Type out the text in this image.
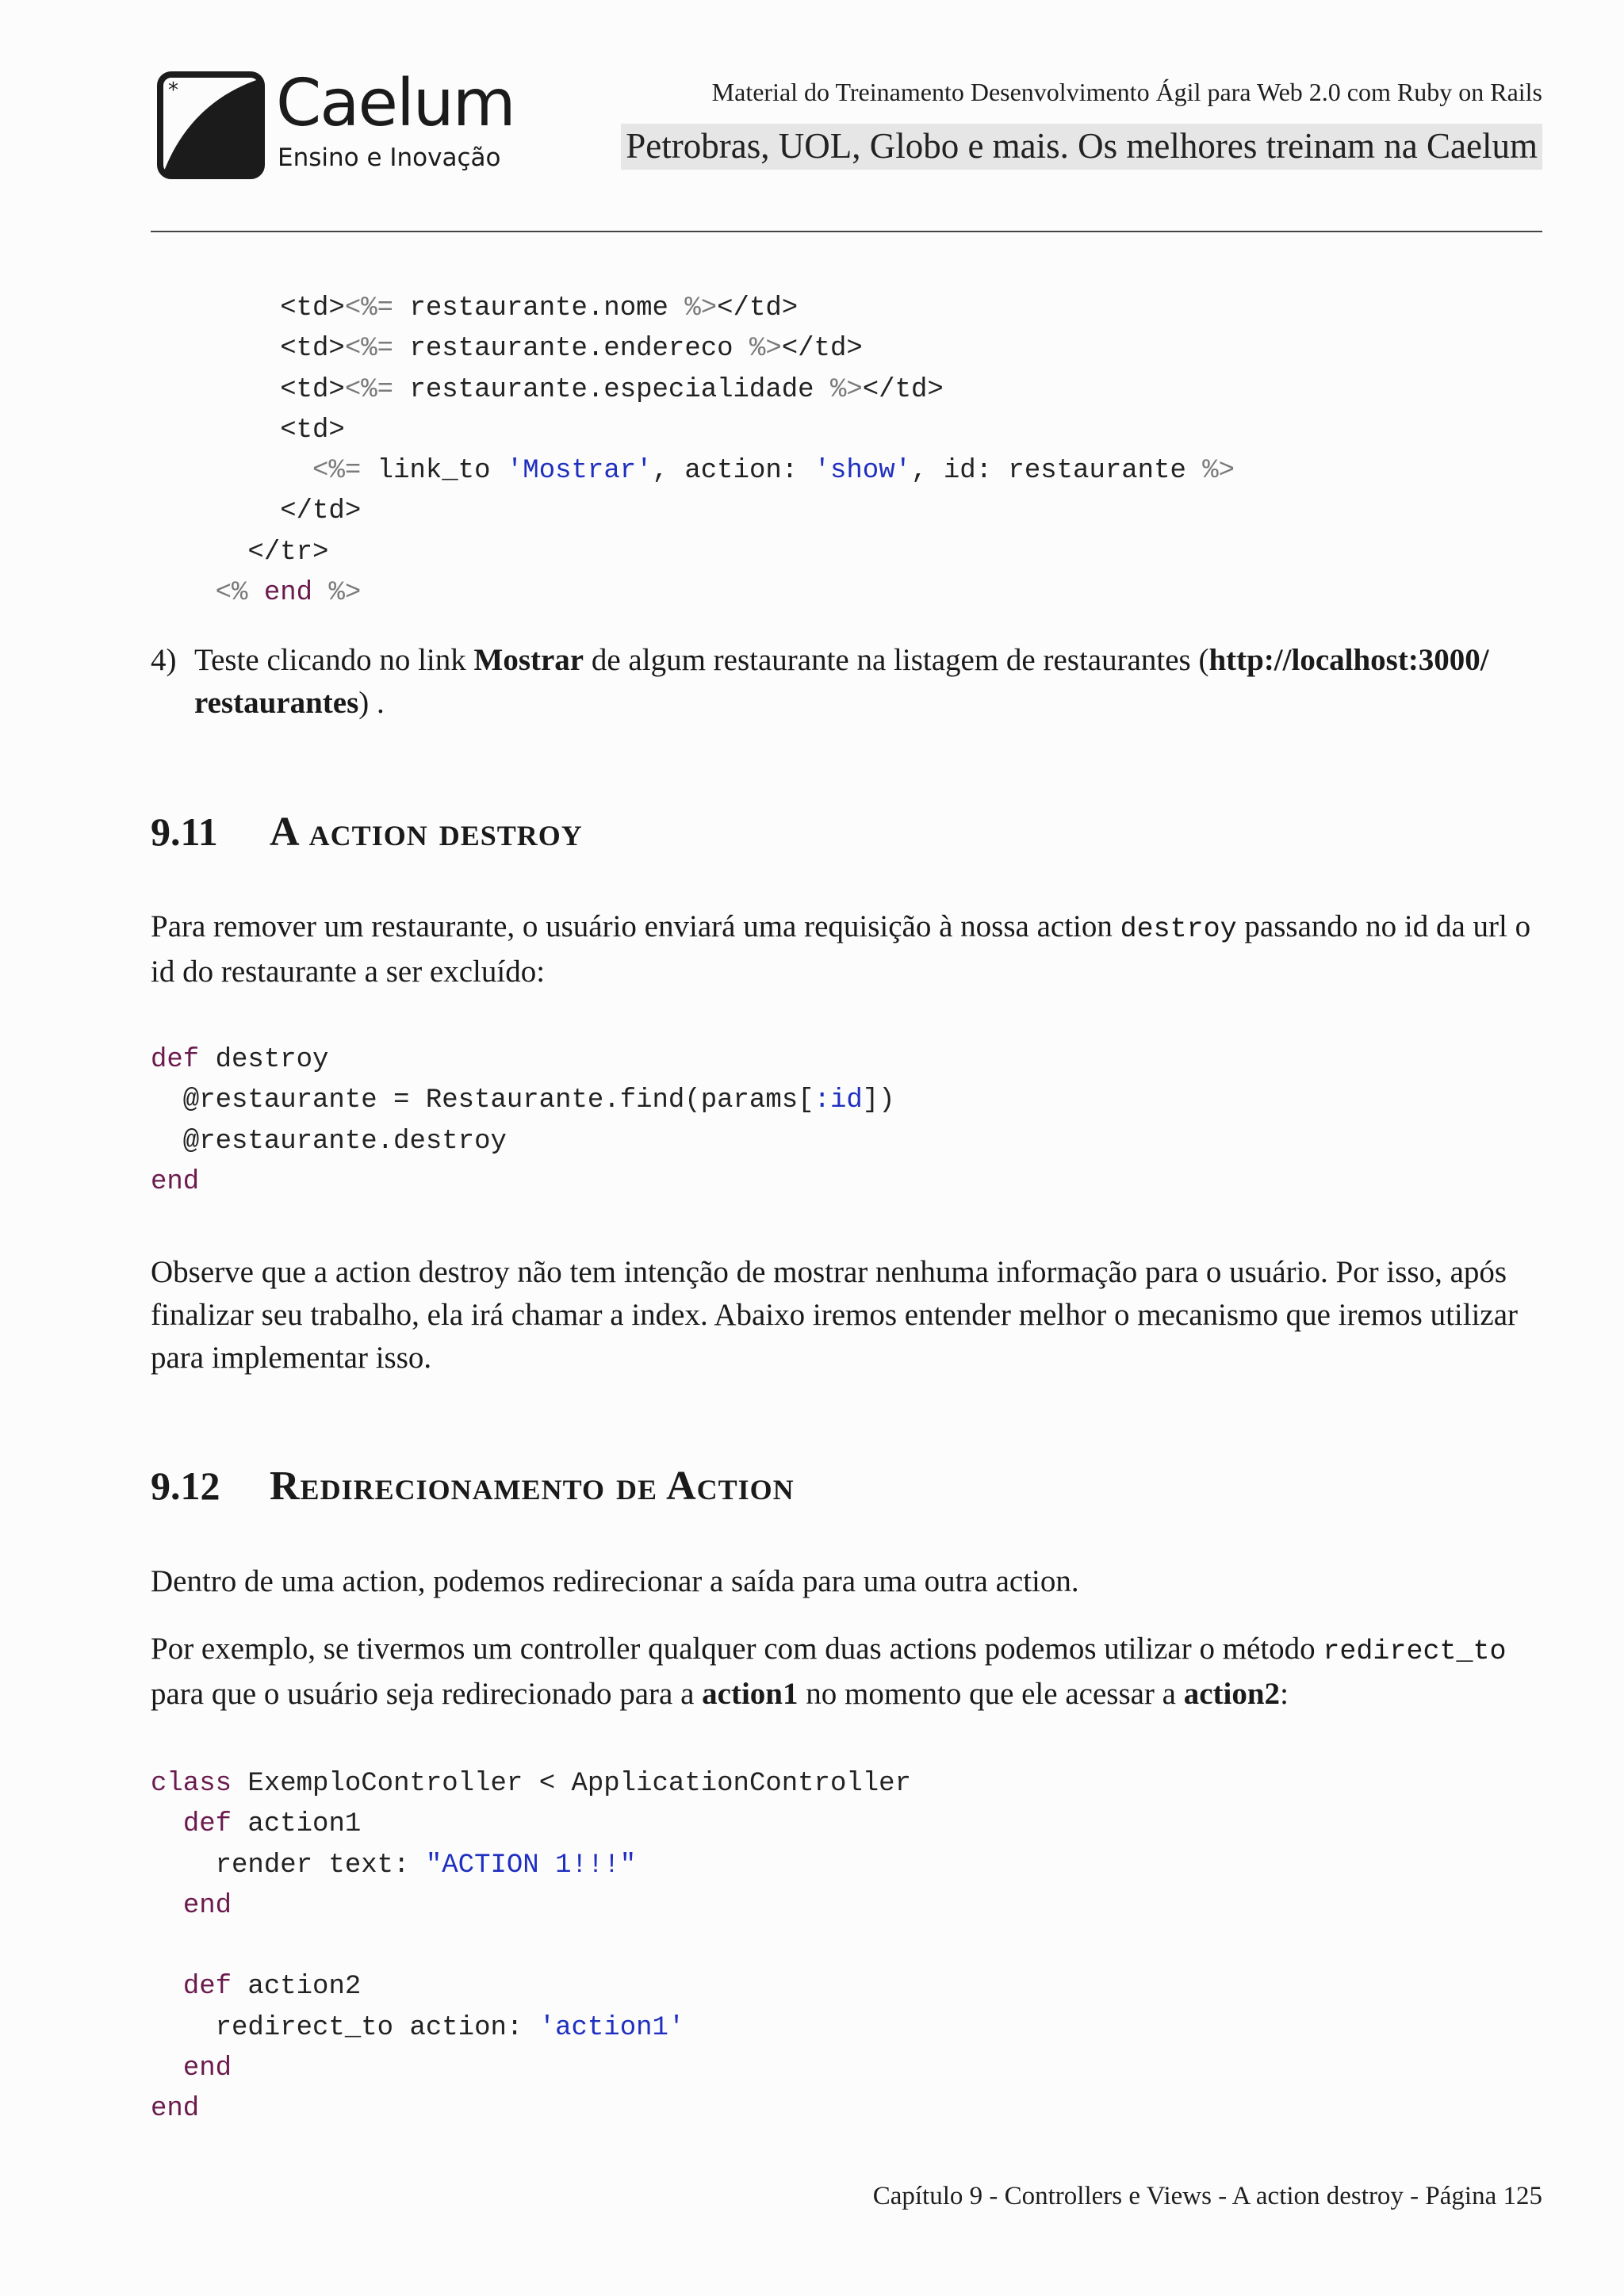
* Caelum
Ensino e Inovação
Material do Treinamento Desenvolvimento Ágil para Web 2.0 com Ruby on Rails
Petrobras, UOL, Globo e mais. Os melhores treinam na Caelum
<td><%= restaurante.nome %></td>
<td><%= restaurante.endereco %></td>
<td><%= restaurante.especialidade %></td>
<td>
<%= link_to 'Mostrar', action: 'show', id: restaurante %>
</td>
</tr>
<% end %>
4) Teste clicando no link Mostrar de algum restaurante na listagem de restaurantes (http://localhost:3000/ restaurantes) .
9.11 A action destroy
Para remover um restaurante, o usuário enviará uma requisição à nossa action destroy passando no id da url o id do restaurante a ser excluído:
def destroy
@restaurante = Restaurante.find(params[:id])
@restaurante.destroy
end
Observe que a action destroy não tem intenção de mostrar nenhuma informação para o usuário. Por isso, após finalizar seu trabalho, ela irá chamar a index. Abaixo iremos entender melhor o mecanismo que iremos utilizar para implementar isso.
9.12 Redirecionamento de Action
Dentro de uma action, podemos redirecionar a saída para uma outra action.
Por exemplo, se tivermos um controller qualquer com duas actions podemos utilizar o método redirect_to para que o usuário seja redirecionado para a action1 no momento que ele acessar a action2:
class ExemploController < ApplicationController
def action1
render text: "ACTION 1!!!"
end

def action2
redirect_to action: 'action1'
end
end
Capítulo 9 - Controllers e Views - A action destroy - Página 125
